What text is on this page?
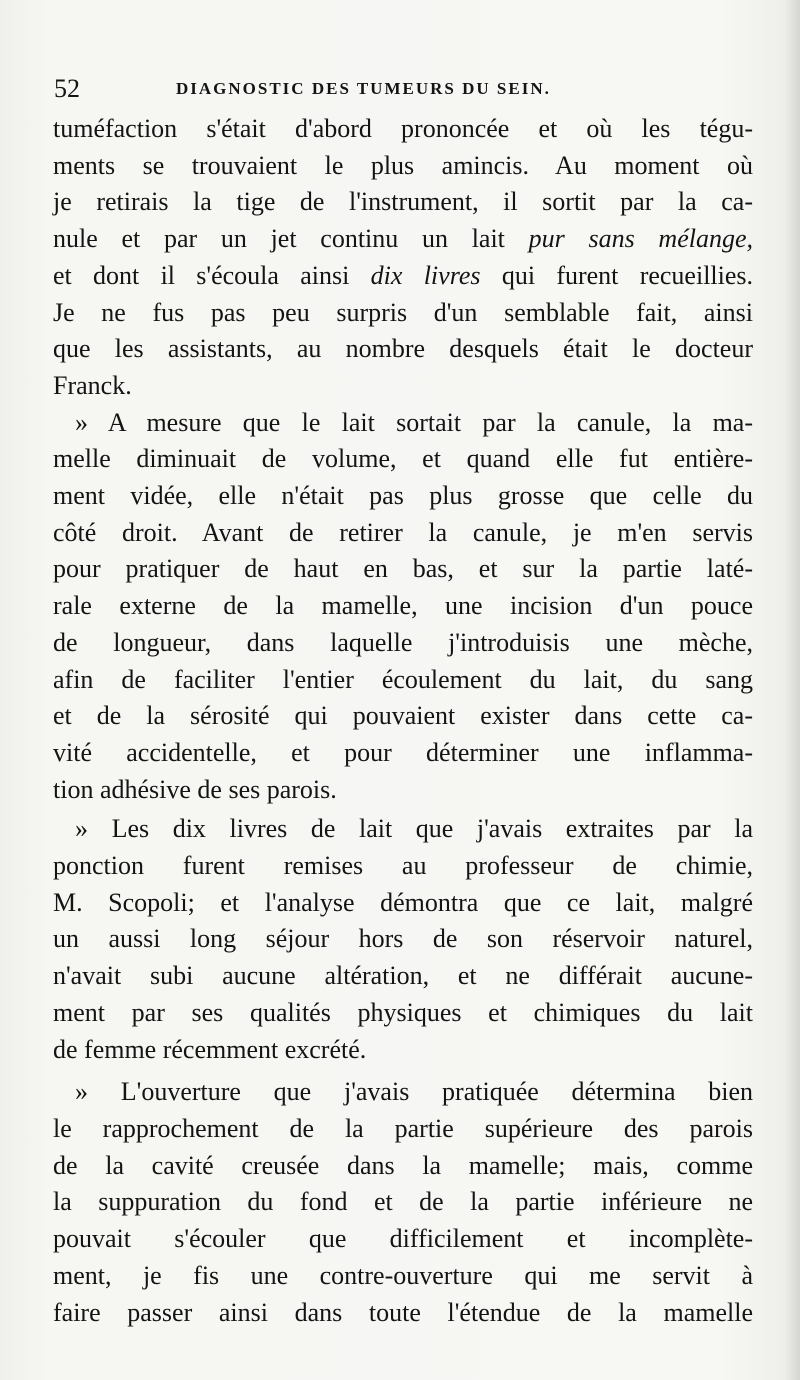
52	DIAGNOSTIC DES TUMEURS DU SEIN.
tuméfaction s'était d'abord prononcée et où les tégu-
ments se trouvaient le plus amincis. Au moment où
je retirais la tige de l'instrument, il sortit par la ca-
nule et par un jet continu un lait pur sans mélange,
et dont il s'écoula ainsi dix livres qui furent recueillies.
Je ne fus pas peu surpris d'un semblable fait, ainsi
que les assistants, au nombre desquels était le docteur
Franck.
» A mesure que le lait sortait par la canule, la ma-
melle diminuait de volume, et quand elle fut entière-
ment vidée, elle n'était pas plus grosse que celle du
côté droit. Avant de retirer la canule, je m'en servis
pour pratiquer de haut en bas, et sur la partie laté-
rale externe de la mamelle, une incision d'un pouce
de longueur, dans laquelle j'introduisis une mèche,
afin de faciliter l'entier écoulement du lait, du sang
et de la sérosité qui pouvaient exister dans cette ca-
vité accidentelle, et pour déterminer une inflamma-
tion adhésive de ses parois.
» Les dix livres de lait que j'avais extraites par la
ponction furent remises au professeur de chimie,
M. Scopoli; et l'analyse démontra que ce lait, malgré
un aussi long séjour hors de son réservoir naturel,
n'avait subi aucune altération, et ne différait aucune-
ment par ses qualités physiques et chimiques du lait
de femme récemment excrété.
» L'ouverture que j'avais pratiquée détermina bien
le rapprochement de la partie supérieure des parois
de la cavité creusée dans la mamelle; mais, comme
la suppuration du fond et de la partie inférieure ne
pouvait s'écouler que difficilement et incomplète-
ment, je fis une contre-ouverture qui me servit à
faire passer ainsi dans toute l'étendue de la mamelle
